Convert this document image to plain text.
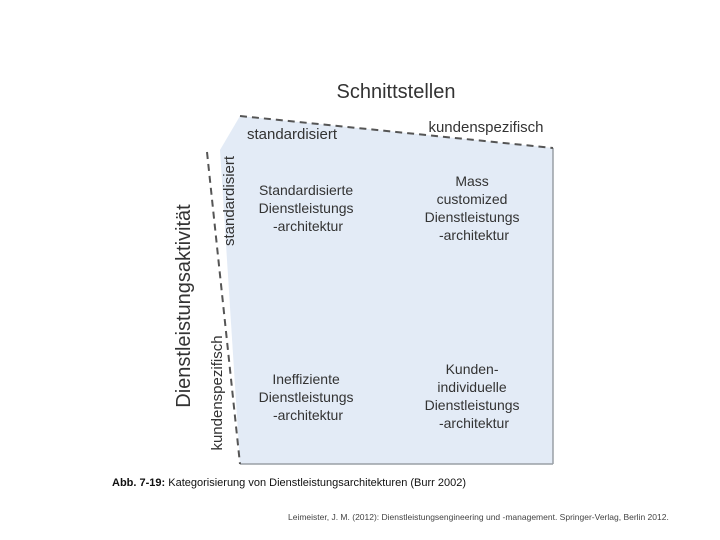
Schnittstellen
standardisiert	kundenspezifisch
Dienstleistungsaktivität
standardisiert
kundenspezifisch
Standardisierte Dienstleistungs -architektur
Mass customized Dienstleistungs -architektur
Ineffiziente Dienstleistungs -architektur
Kunden- individuelle Dienstleistungs -architektur
Abb. 7-19: Kategorisierung von Dienstleistungsarchitekturen (Burr 2002)
Leimeister, J. M. (2012): Dienstleistungsengineering und -management. Springer-Verlag, Berlin 2012.
